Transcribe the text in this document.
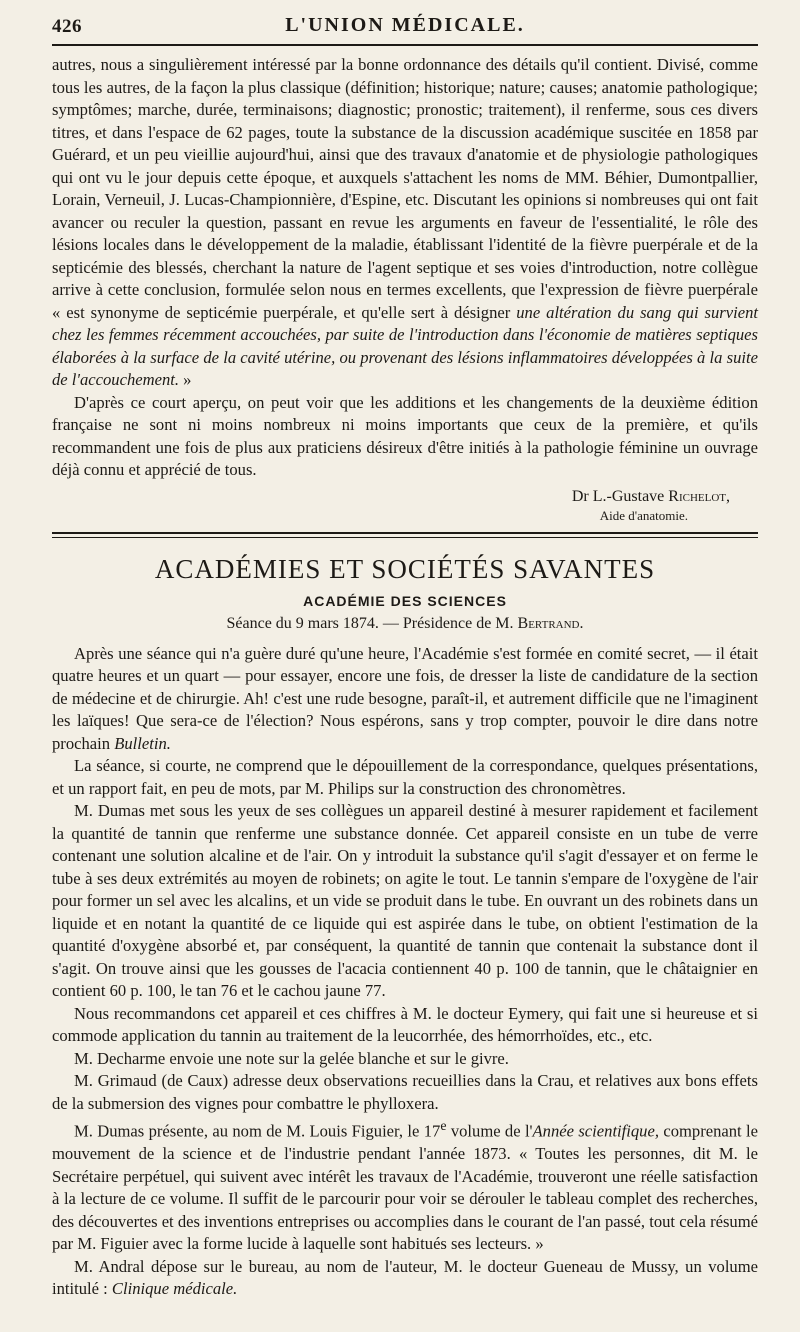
426	L'UNION MÉDICALE.

autres, nous a singulièrement intéressé par la bonne ordonnance des détails qu'il contient. Divisé, comme tous les autres, de la façon la plus classique (définition; historique; nature; causes; anatomie pathologique; symptômes; marche, durée, terminaisons; diagnostic; pronostic; traitement), il renferme, sous ces divers titres, et dans l'espace de 62 pages, toute la substance de la discussion académique suscitée en 1858 par Guérard, et un peu vieillie aujourd'hui, ainsi que des travaux d'anatomie et de physiologie pathologiques qui ont vu le jour depuis cette époque, et auxquels s'attachent les noms de MM. Béhier, Dumontpallier, Lorain, Verneuil, J. Lucas-Championnière, d'Espine, etc. Discutant les opinions si nombreuses qui ont fait avancer ou reculer la question, passant en revue les arguments en faveur de l'essentialité, le rôle des lésions locales dans le développement de la maladie, établissant l'identité de la fièvre puerpérale et de la septicémie des blessés, cherchant la nature de l'agent septique et ses voies d'introduction, notre collègue arrive à cette conclusion, formulée selon nous en termes excellents, que l'expression de fièvre puerpérale « est synonyme de septicémie puerpérale, et qu'elle sert à désigner une altération du sang qui survient chez les femmes récemment accouchées, par suite de l'introduction dans l'économie de matières septiques élaborées à la surface de la cavité utérine, ou provenant des lésions inflammatoires développées à la suite de l'accouchement. »

D'après ce court aperçu, on peut voir que les additions et les changements de la deuxième édition française ne sont ni moins nombreux ni moins importants que ceux de la première, et qu'ils recommandent une fois de plus aux praticiens désireux d'être initiés à la pathologie féminine un ouvrage déjà connu et apprécié de tous.

Dr L.-Gustave Richelot,
Aide d'anatomie.
ACADÉMIES ET SOCIÉTÉS SAVANTES
ACADÉMIE DES SCIENCES
Séance du 9 mars 1874. — Présidence de M. Bertrand.

Après une séance qui n'a guère duré qu'une heure, l'Académie s'est formée en comité secret, — il était quatre heures et un quart — pour essayer, encore une fois, de dresser la liste de candidature de la section de médecine et de chirurgie. Ah! c'est une rude besogne, paraît-il, et autrement difficile que ne l'imaginent les laïques! Que sera-ce de l'élection? Nous espérons, sans y trop compter, pouvoir le dire dans notre prochain Bulletin.

La séance, si courte, ne comprend que le dépouillement de la correspondance, quelques présentations, et un rapport fait, en peu de mots, par M. Philips sur la construction des chronomètres.

M. Dumas met sous les yeux de ses collègues un appareil destiné à mesurer rapidement et facilement la quantité de tannin que renferme une substance donnée. Cet appareil consiste en un tube de verre contenant une solution alcaline et de l'air. On y introduit la substance qu'il s'agit d'essayer et on ferme le tube à ses deux extrémités au moyen de robinets; on agite le tout. Le tannin s'empare de l'oxygène de l'air pour former un sel avec les alcalins, et un vide se produit dans le tube. En ouvrant un des robinets dans un liquide et en notant la quantité de ce liquide qui est aspirée dans le tube, on obtient l'estimation de la quantité d'oxygène absorbé et, par conséquent, la quantité de tannin que contenait la substance dont il s'agit. On trouve ainsi que les gousses de l'acacia contiennent 40 p. 100 de tannin, que le châtaignier en contient 60 p. 100, le tan 76 et le cachou jaune 77.

Nous recommandons cet appareil et ces chiffres à M. le docteur Eymery, qui fait une si heureuse et si commode application du tannin au traitement de la leucorrhée, des hémorrhoïdes, etc., etc.

M. Decharme envoie une note sur la gelée blanche et sur le givre.

M. Grimaud (de Caux) adresse deux observations recueillies dans la Crau, et relatives aux bons effets de la submersion des vignes pour combattre le phylloxera.

M. Dumas présente, au nom de M. Louis Figuier, le 17e volume de l'Année scientifique, comprenant le mouvement de la science et de l'industrie pendant l'année 1873. « Toutes les personnes, dit M. le Secrétaire perpétuel, qui suivent avec intérêt les travaux de l'Académie, trouveront une réelle satisfaction à la lecture de ce volume. Il suffit de le parcourir pour voir se dérouler le tableau complet des recherches, des découvertes et des inventions entreprises ou accomplies dans le courant de l'an passé, tout cela résumé par M. Figuier avec la forme lucide à laquelle sont habitués ses lecteurs. »

M. Andral dépose sur le bureau, au nom de l'auteur, M. le docteur Gueneau de Mussy, un volume intitulé : Clinique médicale.
